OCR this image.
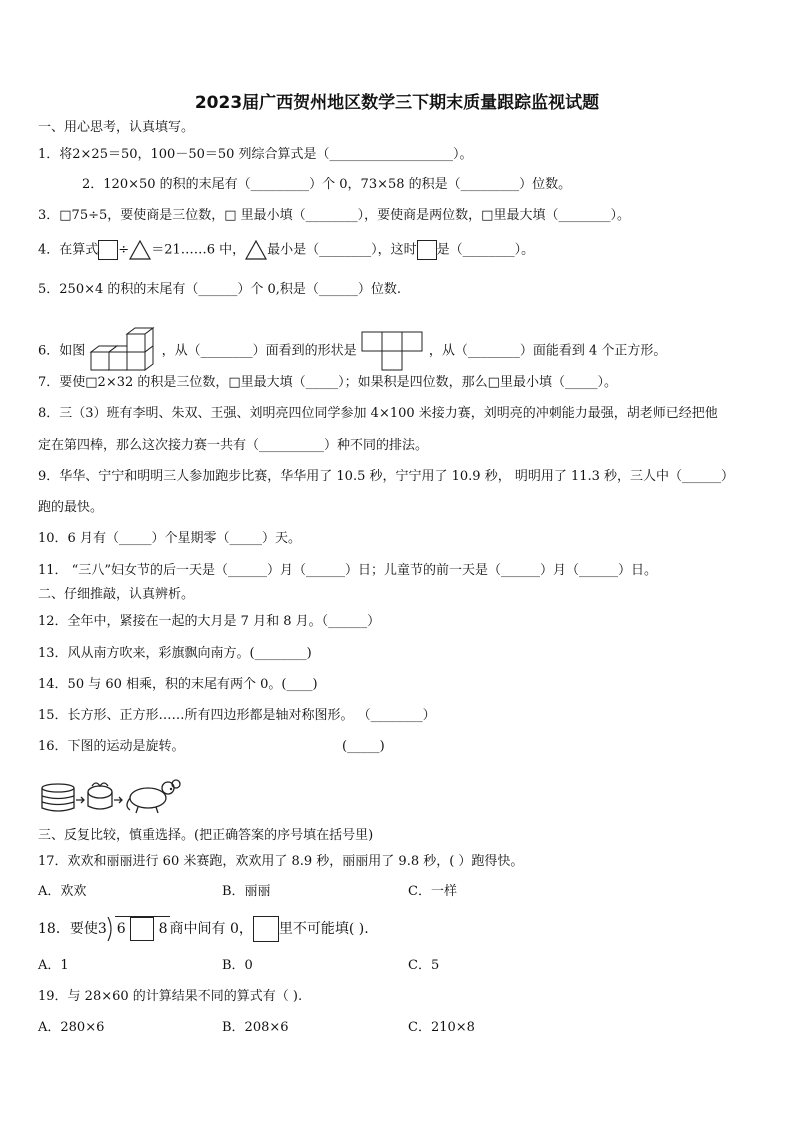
2023届广西贺州地区数学三下期末质量跟踪监视试题
一、用心思考，认真填写。
1．将2×25＝50，100－50＝50 列综合算式是（___________________）。
2．120×50 的积的末尾有（_________）个 0，73×58 的积是（_________）位数。
3．□75÷5，要使商是三位数，□ 里最小填（________），要使商是两位数，□里最大填（________）。
4．在算式 ÷ ＝21……6 中， 最小是（________），这时 是（________）。
5．250×4 的积的末尾有（______）个 0,积是（______）位数.
6．如图	，从（________）面看到的形状是	，从（________）面能看到 4 个正方形。
7．要使□2×32 的积是三位数，□里最大填（_____）；如果积是四位数，那么□里最小填（_____）。
8．三（3）班有李明、朱双、王强、刘明亮四位同学参加 4×100 米接力赛，刘明亮的冲刺能力最强，胡老师已经把他
定在第四棒，那么这次接力赛一共有（__________）种不同的排法。
9．华华、宁宁和明明三人参加跑步比赛，华华用了 10.5 秒，宁宁用了 10.9 秒， 明明用了 11.3 秒，三人中（______）
跑的最快。
10．6 月有（_____）个星期零（_____）天。
11． “三八”妇女节的后一天是（______）月（______）日；儿童节的前一天是（______）月（______）日。
二、仔细推敲，认真辨析。
12．全年中，紧接在一起的大月是 7 月和 8 月。（______）
13．风从南方吹来，彩旗飘向南方。(________)
14．50 与 60 相乘，积的末尾有两个 0。(____)
15．长方形、正方形……所有四边形都是轴对称图形。 （________）
16．下图的运动是旋转。	(_____)
三、反复比较，慎重选择。(把正确答案的序号填在括号里)
17．欢欢和丽丽进行 60 米赛跑，欢欢用了 8.9 秒，丽丽用了 9.8 秒，( ）跑得快。
A．欢欢	B．丽丽	C．一样
18．要使3 6 8 商中间有 0， 里不可能填( ).
A．1	B．0	C．5
19．与 28×60 的计算结果不同的算式有（ ).
A．280×6	B．208×6	C．210×8
